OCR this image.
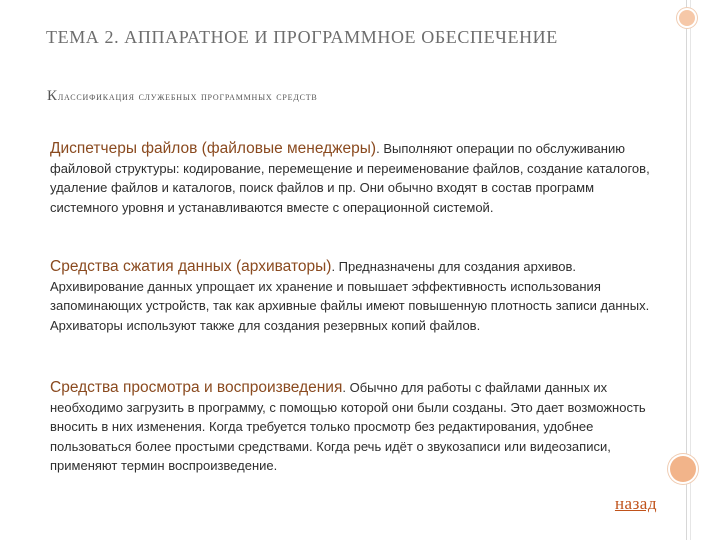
ТЕМА 2. АППАРАТНОЕ И ПРОГРАММНОЕ ОБЕСПЕЧЕНИЕ
Классификация служебных программных средств

Диспетчеры файлов (файловые менеджеры). Выполняют операции по обслуживанию файловой структуры: кодирование, перемещение и переименование файлов, создание каталогов, удаление файлов и каталогов, поиск файлов и пр. Они обычно входят в состав программ системного уровня и устанавливаются вместе с операционной системой.

Средства сжатия данных (архиваторы). Предназначены для создания архивов. Архивирование данных упрощает их хранение и повышает эффективность использования запоминающих устройств, так как архивные файлы имеют повышенную плотность записи данных. Архиваторы используют также для создания резервных копий файлов.

Средства просмотра и воспроизведения. Обычно для работы с файлами данных их необходимо загрузить в программу, с помощью которой они были созданы. Это дает возможность вносить в них изменения. Когда требуется только просмотр без редактирования, удобнее пользоваться более простыми средствами. Когда речь идёт о звукозаписи или видеозаписи, применяют термин воспроизведение.

назад
